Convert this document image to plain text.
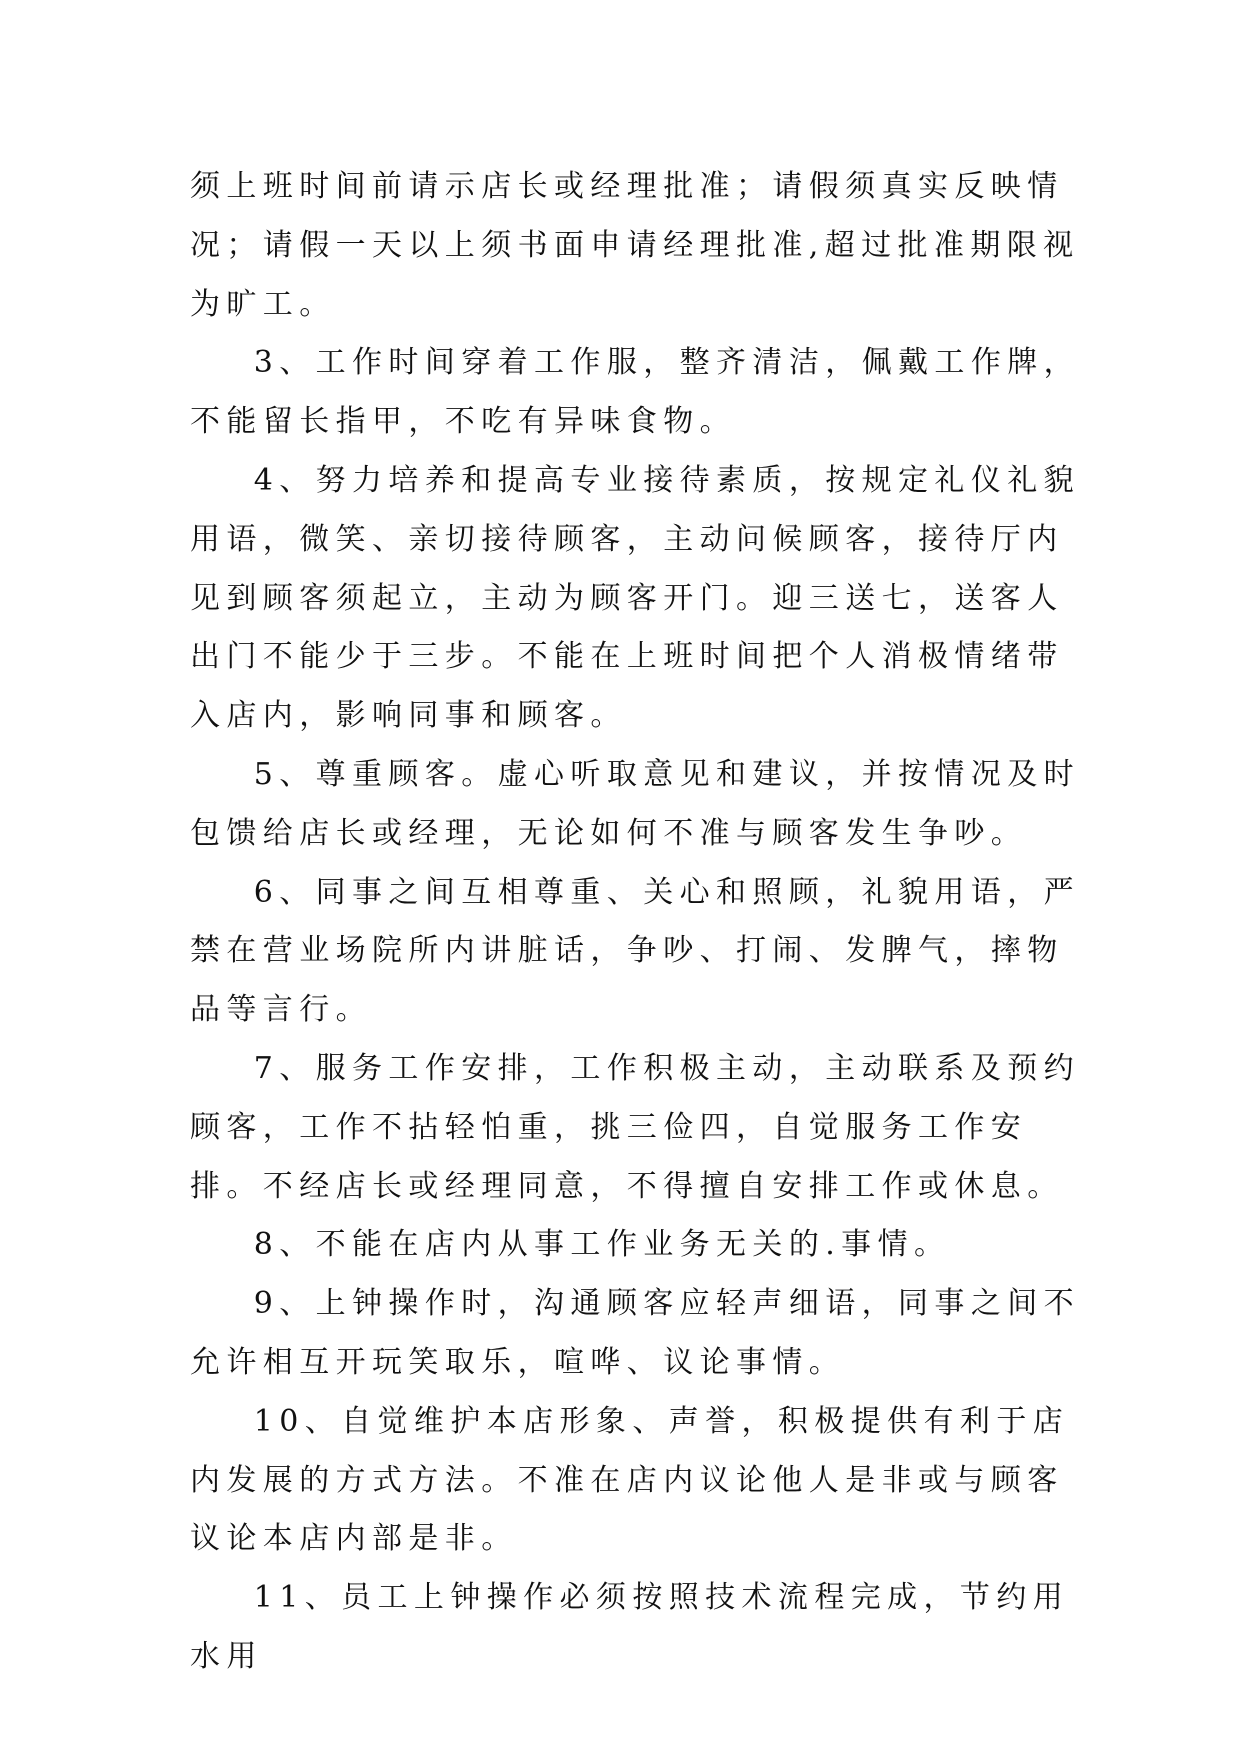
须上班时间前请示店长或经理批准；请假须真实反映情况；请假一天以上须书面申请经理批准,超过批准期限视为旷工。

3、工作时间穿着工作服，整齐清洁，佩戴工作牌，不能留长指甲，不吃有异味食物。

4、努力培养和提高专业接待素质，按规定礼仪礼貌用语，微笑、亲切接待顾客，主动问候顾客，接待厅内见到顾客须起立，主动为顾客开门。迎三送七，送客人出门不能少于三步。不能在上班时间把个人消极情绪带入店内，影响同事和顾客。

5、尊重顾客。虚心听取意见和建议，并按情况及时包馈给店长或经理，无论如何不准与顾客发生争吵。

6、同事之间互相尊重、关心和照顾，礼貌用语，严禁在营业场院所内讲脏话，争吵、打闹、发脾气，摔物品等言行。

7、服务工作安排，工作积极主动，主动联系及预约顾客，工作不拈轻怕重，挑三俭四，自觉服务工作安排。不经店长或经理同意，不得擅自安排工作或休息。

8、不能在店内从事工作业务无关的.事情。

9、上钟操作时，沟通顾客应轻声细语，同事之间不允许相互开玩笑取乐，喧哗、议论事情。

10、自觉维护本店形象、声誉，积极提供有利于店内发展的方式方法。不准在店内议论他人是非或与顾客议论本店内部是非。

11、员工上钟操作必须按照技术流程完成，节约用水用
